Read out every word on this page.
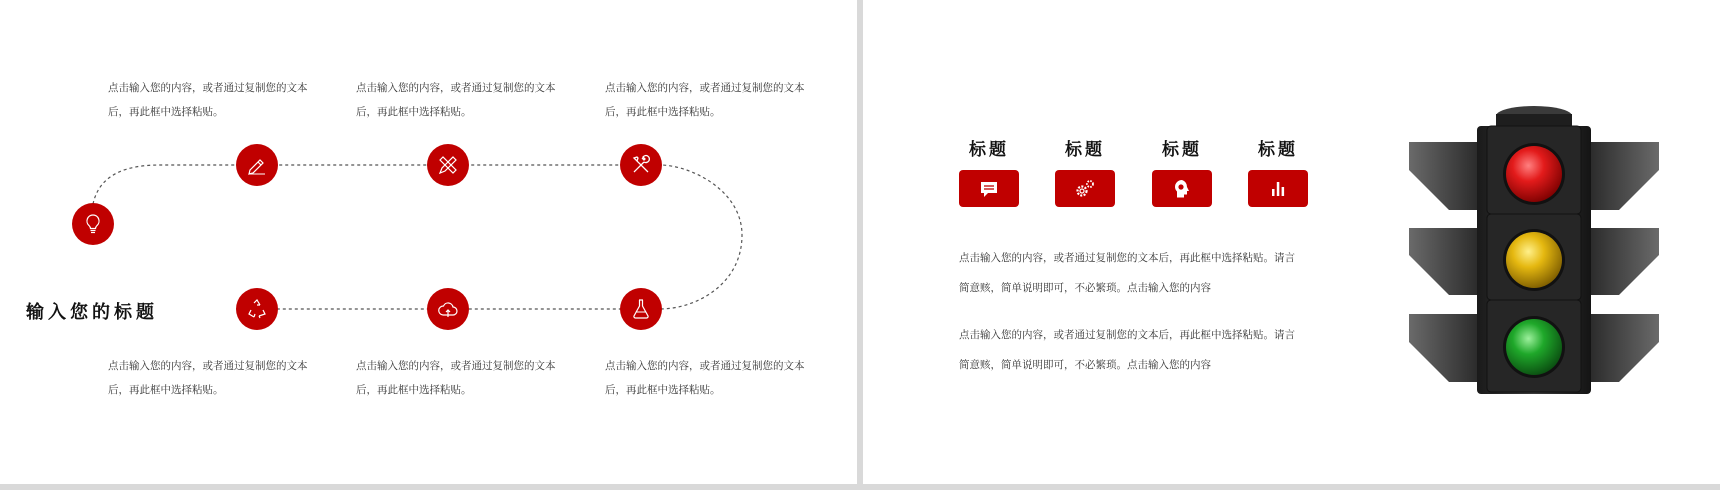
点击输入您的内容，或者通过复制您的文本后，再此框中选择粘贴。
点击输入您的内容，或者通过复制您的文本后，再此框中选择粘贴。
点击输入您的内容，或者通过复制您的文本后，再此框中选择粘贴。
点击输入您的内容，或者通过复制您的文本后，再此框中选择粘贴。
点击输入您的内容，或者通过复制您的文本后，再此框中选择粘贴。
点击输入您的内容，或者通过复制您的文本后，再此框中选择粘贴。
输入您的标题
标题	标题	标题	标题
点击输入您的内容，或者通过复制您的文本后，再此框中选择粘贴。请言简意赅，简单说明即可，不必繁琐。点击输入您的内容
点击输入您的内容，或者通过复制您的文本后，再此框中选择粘贴。请言简意赅，简单说明即可，不必繁琐。点击输入您的内容
